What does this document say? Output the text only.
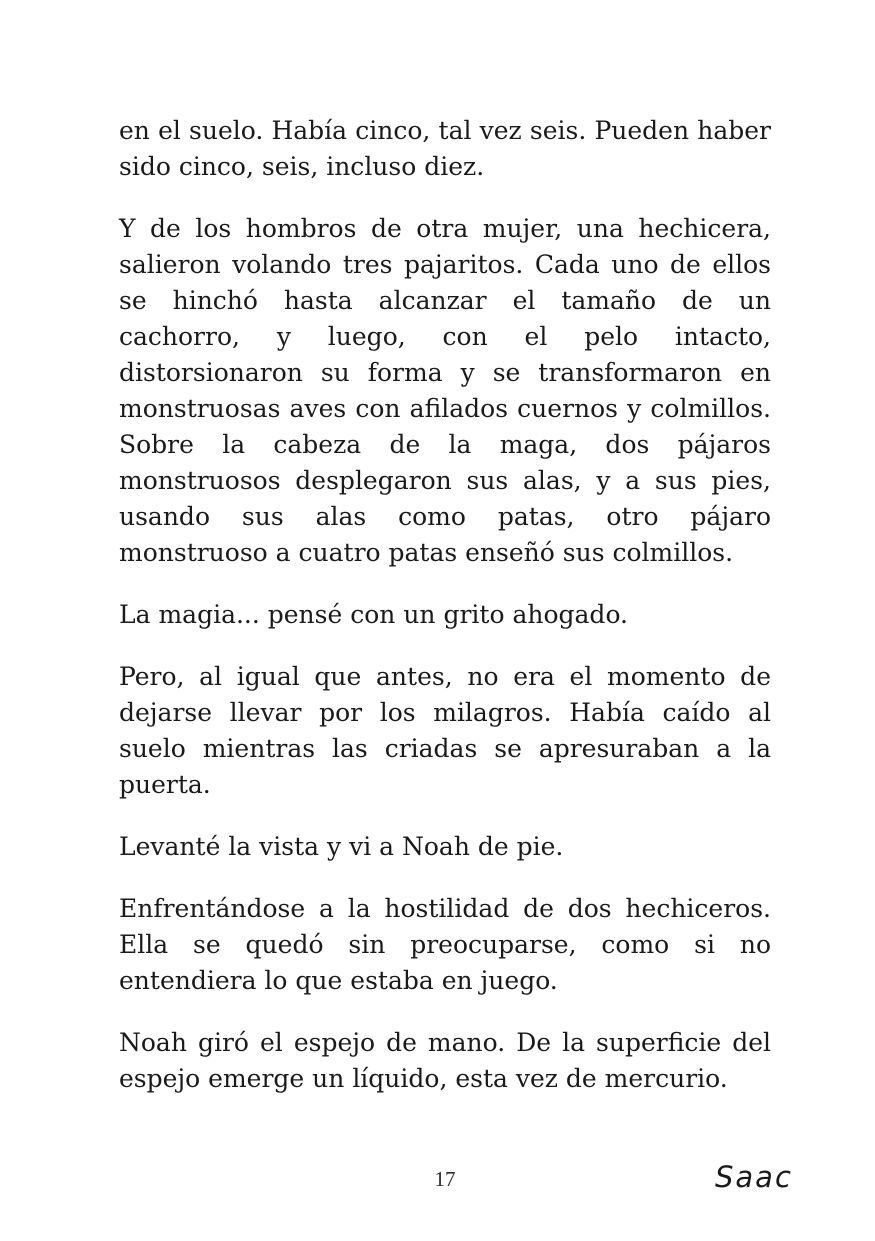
en el suelo. Había cinco, tal vez seis. Pueden haber sido cinco, seis, incluso diez.

Y de los hombros de otra mujer, una hechicera, salieron volando tres pajaritos. Cada uno de ellos se hinchó hasta alcanzar el tamaño de un cachorro, y luego, con el pelo intacto, distorsionaron su forma y se transformaron en monstruosas aves con afilados cuernos y colmillos. Sobre la cabeza de la maga, dos pájaros monstruosos desplegaron sus alas, y a sus pies, usando sus alas como patas, otro pájaro monstruoso a cuatro patas enseñó sus colmillos.

La magia... pensé con un grito ahogado.

Pero, al igual que antes, no era el momento de dejarse llevar por los milagros. Había caído al suelo mientras las criadas se apresuraban a la puerta.

Levanté la vista y vi a Noah de pie.

Enfrentándose a la hostilidad de dos hechiceros. Ella se quedó sin preocuparse, como si no entendiera lo que estaba en juego.

Noah giró el espejo de mano. De la superficie del espejo emerge un líquido, esta vez de mercurio.

17	Saac
